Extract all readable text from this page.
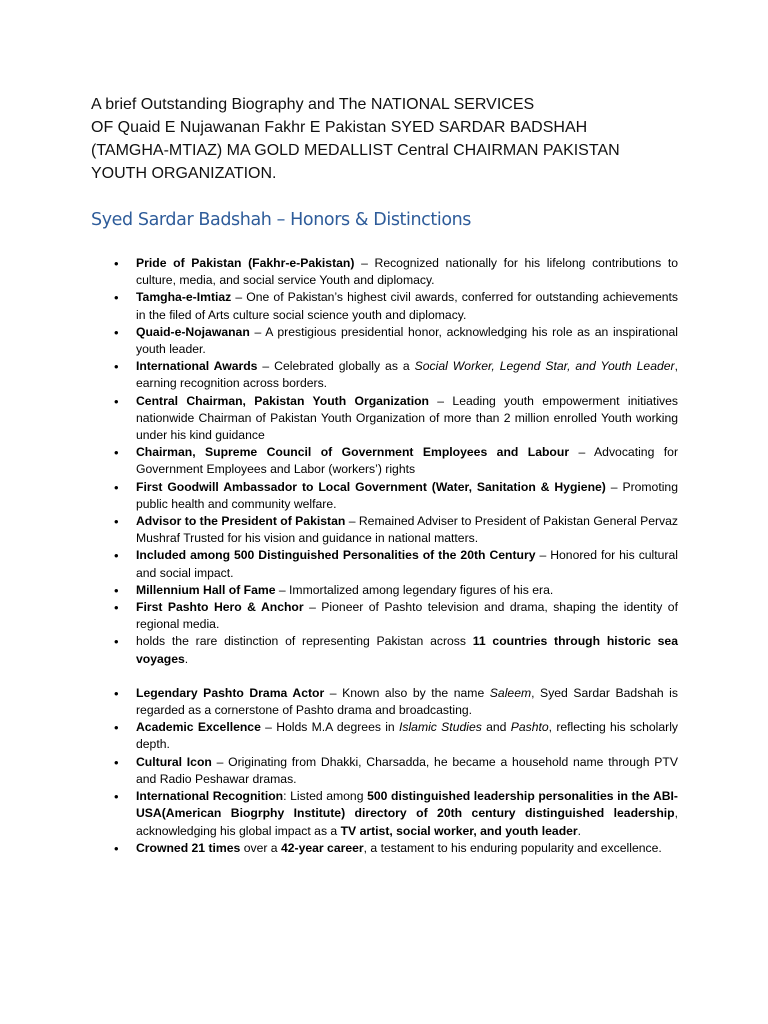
A brief Outstanding Biography and The NATIONAL SERVICES
OF Quaid E Nujawanan Fakhr E Pakistan SYED SARDAR BADSHAH
(TAMGHA-MTIAZ) MA GOLD MEDALLIST Central CHAIRMAN PAKISTAN
YOUTH ORGANIZATION.
Syed Sardar Badshah – Honors & Distinctions
• Pride of Pakistan (Fakhr-e-Pakistan) – Recognized nationally for his lifelong contributions to culture, media, and social service Youth and diplomacy.
• Tamgha-e-Imtiaz – One of Pakistan’s highest civil awards, conferred for outstanding achievements in the filed of Arts culture social science youth and diplomacy.
• Quaid-e-Nojawanan – A prestigious presidential honor, acknowledging his role as an inspirational youth leader.
• International Awards – Celebrated globally as a Social Worker, Legend Star, and Youth Leader, earning recognition across borders.
• Central Chairman, Pakistan Youth Organization – Leading youth empowerment initiatives nationwide Chairman of Pakistan Youth Organization of more than 2 million enrolled Youth working under his kind guidance
• Chairman, Supreme Council of Government Employees and Labour – Advocating for Government Employees and Labor (workers’) rights
• First Goodwill Ambassador to Local Government (Water, Sanitation & Hygiene) – Promoting public health and community welfare.
• Advisor to the President of Pakistan – Remained Adviser to President of Pakistan General Pervaz Mushraf Trusted for his vision and guidance in national matters.
• Included among 500 Distinguished Personalities of the 20th Century – Honored for his cultural and social impact.
• Millennium Hall of Fame – Immortalized among legendary figures of his era.
• First Pashto Hero & Anchor – Pioneer of Pashto television and drama, shaping the identity of regional media.
• holds the rare distinction of representing Pakistan across 11 countries through historic sea voyages.
• Legendary Pashto Drama Actor – Known also by the name Saleem, Syed Sardar Badshah is regarded as a cornerstone of Pashto drama and broadcasting.
• Academic Excellence – Holds M.A degrees in Islamic Studies and Pashto, reflecting his scholarly depth.
• Cultural Icon – Originating from Dhakki, Charsadda, he became a household name through PTV and Radio Peshawar dramas.
• International Recognition: Listed among 500 distinguished leadership personalities in the ABI-USA(American Biogrphy Institute) directory of 20th century distinguished leadership, acknowledging his global impact as a TV artist, social worker, and youth leader.
• Crowned 21 times over a 42-year career, a testament to his enduring popularity and excellence.
